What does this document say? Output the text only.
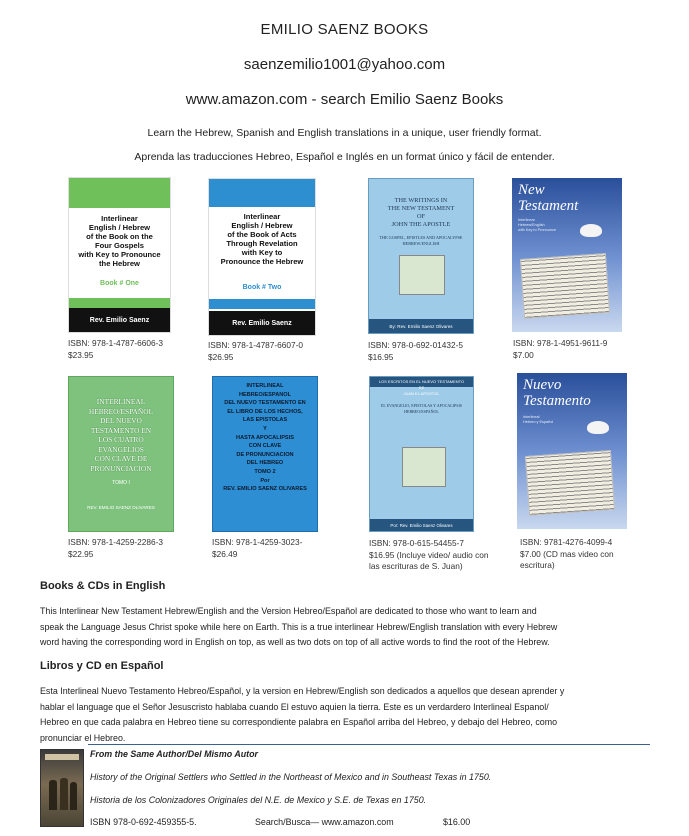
EMILIO SAENZ BOOKS
saenzemilio1001@yahoo.com
www.amazon.com - search Emilio Saenz Books
Learn the Hebrew, Spanish and English translations in a unique, user friendly format.
Aprenda las traducciones Hebreo, Español e Inglés en un format único y fácil de entender.
Interlinear
English / Hebrew
of the Book on the
Four Gospels
with Key to Pronounce
the Hebrew
Book # One
Rev. Emilio Saenz
ISBN: 978-1-4787-6606-3
$23.95
Interlinear
English / Hebrew
of the Book of Acts
Through Revelation
with Key to
Pronounce the Hebrew
Book # Two
Rev. Emilio Saenz
ISBN: 978-1-4787-6607-0
$26.95
THE WRITINGS IN
THE NEW TESTAMENT
OF
JOHN THE APOSTLE
THE GOSPEL, EPISTLES AND APOCALYPSE
HEBREW/ENGLISH
By: Rev. Emilio Saenz Olivares
ISBN: 978-0-692-01432-5
$16.95
New
Testament
Interlinear
Hebrew/English
with Key to Pronounce
ISBN: 978-1-4951-9611-9
$7.00
INTERLINEAL
HEBREO/ESPAÑOL
DEL NUEVO
TESTAMENTO EN
LOS CUATRO
EVANGELIOS
CON CLAVE DE
PRONUNCIACION
TOMO I
REV. EMILIO SAENZ OLIVARES
ISBN: 978-1-4259-2286-3
$22.95
INTERLINEAL
HEBREO/ESPANOL
DEL NUEVO TESTAMENTO EN
EL LIBRO DE LOS HECHOS,
LAS EPISTOLAS
Y
HASTA APOCALIPSIS
CON CLAVE
DE PRONUNCIACION
DEL HEBREO
TOMO 2
Por
REV. EMILIO SAENZ OLIVARES
ISBN: 978-1-4259-3023-
$26.49
LOS ESCRITOS EN EL NUEVO TESTAMENTO
DE
JUAN EL APOSTOL
EL EVANGELIO, EPISTOLAS Y APOCALIPSIS
HEBREO/ESPAÑOL
Por: Rev. Emilio Saenz Olivares
ISBN: 978-0-615-54455-7
$16.95 (Incluye video/ audio con las escrituras de S. Juan)
Nuevo
Testamento
Interlineal
Hebreo y Español
ISBN: 9781-4276-4099-4
$7.00 (CD mas video con escritura)
Books & CDs in English
This Interlinear New Testament Hebrew/English and the Version Hebreo/Español are dedicated to those who want to learn and
speak the Language Jesus Christ spoke while here on Earth. This is a true interlinear Hebrew/English translation with every Hebrew
word having the corresponding word in English on top, as well as two dots on top of all active words to find the root of the Hebrew.
Libros y CD en Español
Esta Interlineal Nuevo Testamento Hebreo/Español, y la version en Hebrew/English son dedicados a aquellos que desean aprender y
hablar el language que el Señor Jesuscristo hablaba cuando El estuvo aquien la tierra. Este es un verdardero Interlineal Espanol/
Hebreo en que cada palabra en Hebreo tiene su correspondiente palabra en Español arriba del Hebreo, y debajo del Hebreo, como
pronunciar el Hebreo.
From the Same Author/Del Mismo Autor
History of the Original Settlers who Settled in the Northeast of Mexico and in Southeast Texas in 1750.
Historia de los Colonizadores Originales del N.E. de Mexico y S.E. de Texas en 1750.
ISBN 978-0-692-459355-5.	Search/Busca— www.amazon.com	$16.00
